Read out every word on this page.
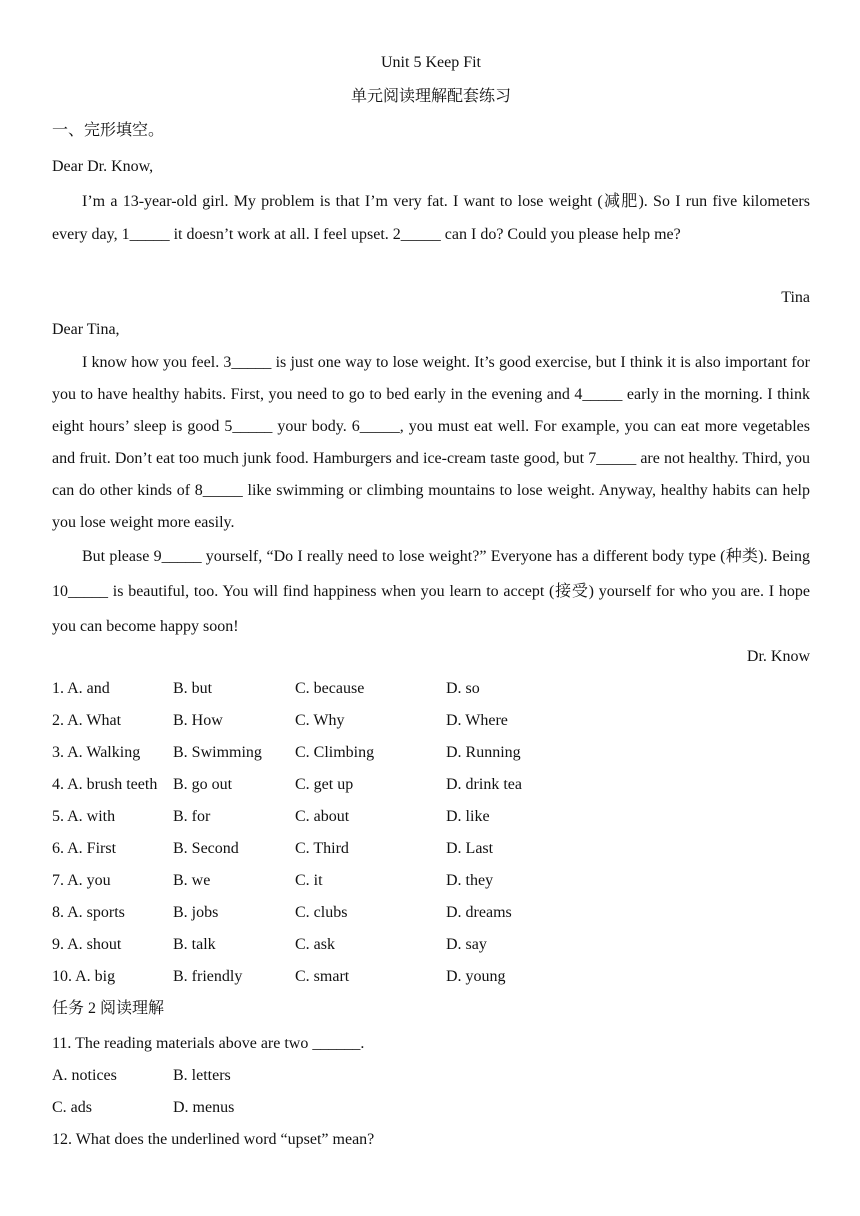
Unit 5 Keep Fit
单元阅读理解配套练习
一、完形填空。
Dear Dr. Know,
I’m a 13-year-old girl. My problem is that I’m very fat. I want to lose weight (减肥). So I run five kilometers every day, 1_____ it doesn’t work at all. I feel upset. 2_____ can I do? Could you please help me?
Tina
Dear Tina,
I know how you feel. 3_____ is just one way to lose weight. It’s good exercise, but I think it is also important for you to have healthy habits. First, you need to go to bed early in the evening and 4_____ early in the morning. I think eight hours’ sleep is good 5_____ your body. 6_____, you must eat well. For example, you can eat more vegetables and fruit. Don’t eat too much junk food. Hamburgers and ice-cream taste good, but 7_____ are not healthy. Third, you can do other kinds of 8_____ like swimming or climbing mountains to lose weight. Anyway, healthy habits can help you lose weight more easily.
But please 9_____ yourself, “Do I really need to lose weight?” Everyone has a different body type (种类). Being 10_____ is beautiful, too. You will find happiness when you learn to accept (接受) yourself for who you are. I hope you can become happy soon!
Dr. Know
1. A. and	B. but	C. because	D. so
2. A. What	B. How	C. Why	D. Where
3. A. Walking B. Swimming C. Climbing	D. Running
4. A. brush teeth B. go out	C. get up	D. drink tea
5. A. with	B. for	C. about	D. like
6. A. First	B. Second	C. Third	D. Last
7. A. you	B. we	C. it	D. they
8. A. sports	B. jobs	C. clubs	D. dreams
9. A. shout	B. talk	C. ask	D. say
10. A. big	B. friendly	C. smart	D. young
任务 2 阅读理解
11. The reading materials above are two ______.
A. notices	B. letters
C. ads	D. menus
12. What does the underlined word “upset” mean?
